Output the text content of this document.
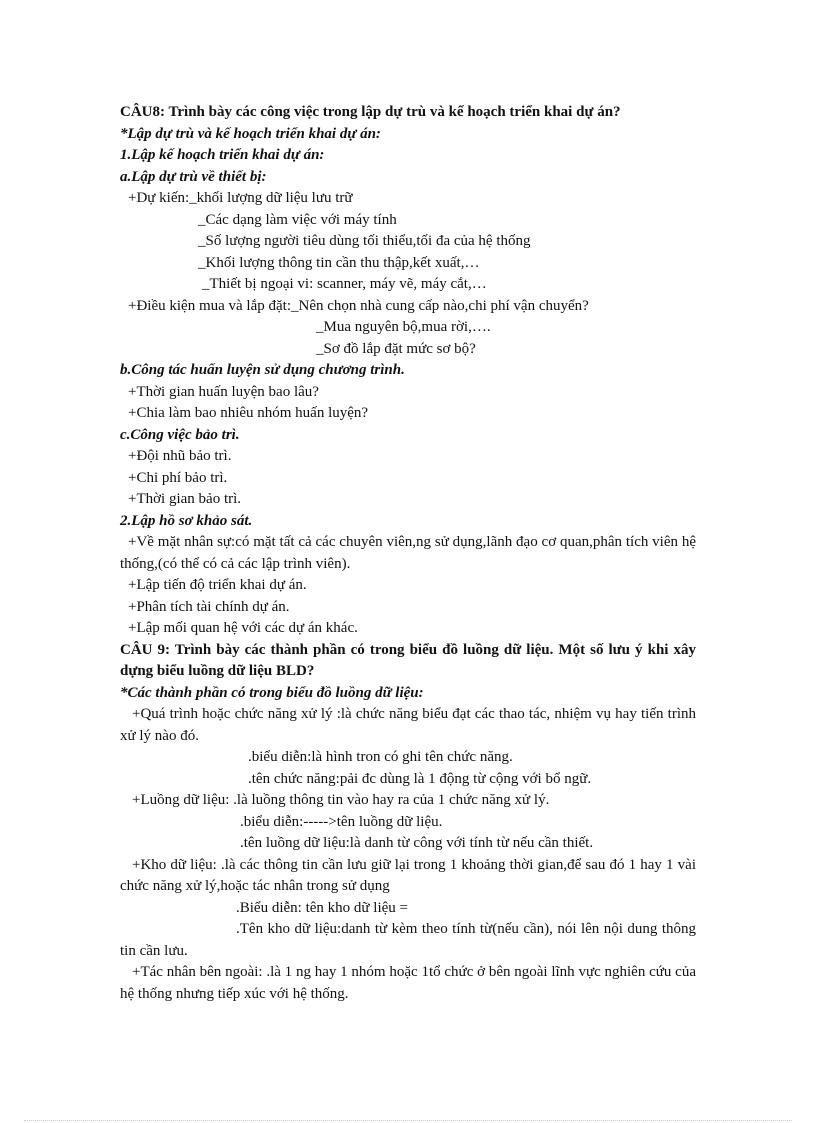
CÂU8: Trình bày các công việc trong lập dự trù và kế hoạch triển khai dự án?
*Lập dự trù và kế hoạch triển khai dự án:
1.Lập kế hoạch triển khai dự án:
a.Lập dự trù về thiết bị:
+Dự kiến:_khối lượng dữ liệu lưu trữ
_Các dạng làm việc với máy tính
_Số lượng người tiêu dùng tối thiểu,tối đa của hệ thống
_Khối lượng thông tin cần thu thập,kết xuất,…
_Thiết bị ngoại vi: scanner, máy vẽ, máy cắt,…
+Điều kiện mua và lắp đặt:_Nên chọn nhà cung cấp nào,chi phí vận chuyển?
_Mua nguyên bộ,mua rời,….
_Sơ đồ lắp đặt mức sơ bộ?
b.Công tác huấn luyện sử dụng chương trình.
+Thời gian huấn luyện bao lâu?
+Chia làm bao nhiêu nhóm huấn luyện?
c.Công việc bảo trì.
+Đội nhũ bảo trì.
+Chi phí bảo trì.
+Thời gian bảo trì.
2.Lập hồ sơ khảo sát.
+Về mặt nhân sự:có mặt tất cả các chuyên viên,ng sử dụng,lãnh đạo cơ quan,phân tích viên hệ thống,(có thể có cả các lập trình viên).
+Lập tiến độ triển khai dự án.
+Phân tích tài chính dự án.
+Lập mối quan hệ với các dự án khác.
CÂU 9: Trình bày các thành phần có trong biểu đồ luồng dữ liệu. Một số lưu ý khi xây dựng biểu luồng dữ liệu BLD?
*Các thành phần có trong biểu đồ luồng dữ liệu:
+Quá trình hoặc chức năng xử lý :là chức năng biểu đạt các thao tác, nhiệm vụ hay tiến trình xử lý nào đó.
.biểu diễn:là hình tron có ghi tên chức năng.
.tên chức năng:pải đc dùng là 1 động từ cộng với bổ ngữ.
+Luồng dữ liệu: .là luồng thông tin vào hay ra của 1 chức năng xử lý.
.biểu diễn:----->tên luồng dữ liệu.
.tên luồng dữ liệu:là danh từ công với tính từ nếu cần thiết.
+Kho dữ liệu: .là các thông tin cần lưu giữ lại trong 1 khoảng thời gian,để sau đó 1 hay 1 vài chức năng xử lý,hoặc tác nhân trong sử dụng
.Biểu diễn: tên kho dữ liệu =
.Tên kho dữ liệu:danh từ kèm theo tính từ(nếu cần), nói lên nội dung thông tin cần lưu.
+Tác nhân bên ngoài: .là 1 ng hay 1 nhóm hoặc 1tổ chức ở bên ngoài lĩnh vực nghiên cứu của hệ thống nhưng tiếp xúc với hệ thống.
